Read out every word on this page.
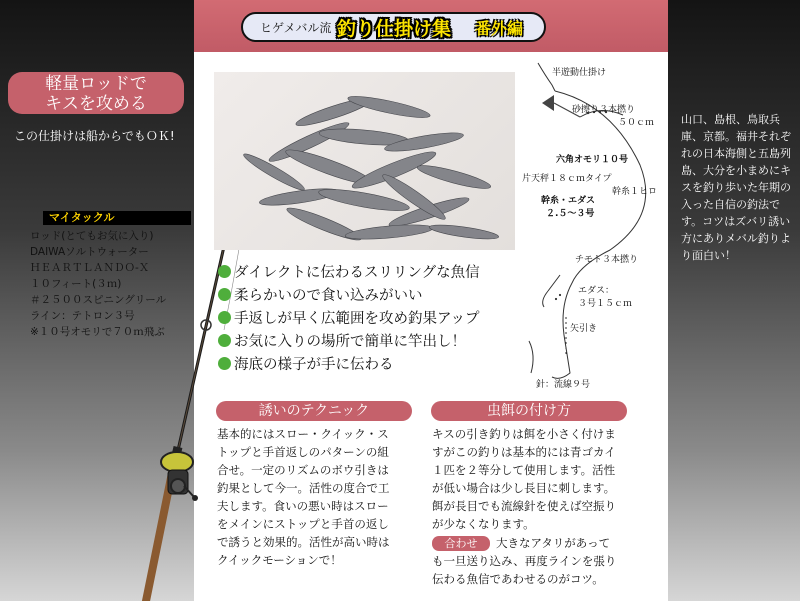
ヒゲメバル流 釣り仕掛け集 番外編
軽量ロッドで
キスを攻める
この仕掛けは船からでもＯＫ!
マイタックル
ロッド(とてもお気に入り)
DAIWAソルトウォーター
ＨＥＡＲＴＬＡＮＤＯ-Ｘ
１０フィート(３ｍ)
＃２５００スピニングリール
ライン：テトロン３号
※１０号オモリで７０ｍ飛ぶ
ダイレクトに伝わるスリリングな魚信
柔らかいので食い込みがいい
手返しが早く広範囲を攻め釣果アップ
お気に入りの場所で簡単に竿出し！
海底の様子が手に伝わる
半遊動仕掛け
砂擦り３本撚り
５０ｃｍ
六角オモリ１０号
片天秤１８ｃｍタイプ
幹糸１ヒロ
幹糸・エダス
２.５～３号
チモト３本撚り
エダス：
３号１５ｃｍ
矢引き
針：流線９号
誘いのテクニック
基本的にはスロー・クイック・ス
トップと手首返しのパターンの組
合せ。一定のリズムのボウ引きは
釣果として今一。活性の度合で工
夫します。食いの悪い時はスロー
をメインにストップと手首の返し
で誘うと効果的。活性が高い時は
クイックモーションで！
虫餌の付け方
キスの引き釣りは餌を小さく付けま
すがこの釣りは基本的には青ゴカイ
１匹を２等分して使用します。活性
が低い場合は少し長目に刺します。
餌が長目でも流線針を使えば空振り
が少なくなります。
合わせ	大きなアタリがあって
も一旦送り込み、再度ラインを張り
伝わる魚信であわせるのがコツ。
山口、島根、鳥取兵庫、京都。福井それぞれの日本海側と五島列島、大分を小まめにキスを釣り歩いた年期の入った自信の釣法です。コツはズバリ誘い方にありメバル釣りより面白い！
